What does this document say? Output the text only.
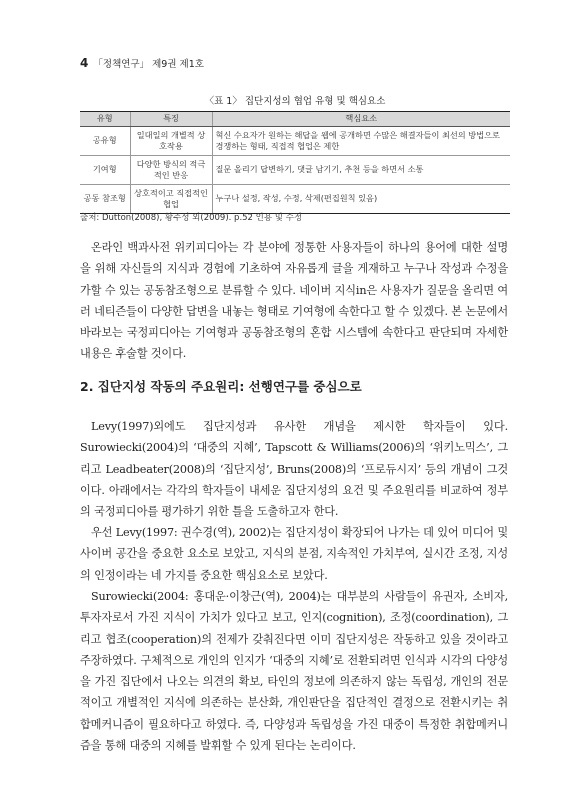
4 「정책연구」 제9권 제1호
〈표 1〉 집단지성의 협업 유형 및 핵심요소
유형	특징	핵심요소
공유형	일대일의 개별적 상호작용	혁신 수요자가 원하는 해답을 웹에 공개하면 수많은 해결자들이 최선의 방법으로 경쟁하는 형태, 직접적 협업은 제한
기여형	다양한 방식의 적극적인 반응	질문 올리기 답변하기, 댓글 남기기, 추천 등을 하면서 소통
공동 참조형	상호적이고 직접적인 협업	누구나 설정, 작성, 수정, 삭제(편집원칙 있음)
출처: Dutton(2008), 황주성 외(2009). p.52 인용 및 수정

온라인 백과사전 위키피디아는 각 분야에 정통한 사용자들이 하나의 용어에 대한 설명을 위해 자신들의 지식과 경험에 기초하여 자유롭게 글을 게재하고 누구나 작성과 수정을 가할 수 있는 공동참조형으로 분류할 수 있다. 네이버 지식in은 사용자가 질문을 올리면 여러 네티즌들이 다양한 답변을 내놓는 형태로 기여형에 속한다고 할 수 있겠다. 본 논문에서 바라보는 국정피디아는 기여형과 공동참조형의 혼합 시스템에 속한다고 판단되며 자세한 내용은 후술할 것이다.

2. 집단지성 작동의 주요원리: 선행연구를 중심으로

Levy(1997)외에도 집단지성과 유사한 개념을 제시한 학자들이 있다. Surowiecki(2004)의 ‘대중의 지혜’, Tapscott & Williams(2006)의 ‘위키노믹스’, 그리고 Leadbeater(2008)의 ‘집단지성’, Bruns(2008)의 ‘프로듀시지’ 등의 개념이 그것이다. 아래에서는 각각의 학자들이 내세운 집단지성의 요건 및 주요원리를 비교하여 정부의 국정피디아를 평가하기 위한 틀을 도출하고자 한다.

우선 Levy(1997: 권수경(역), 2002)는 집단지성이 확장되어 나가는 데 있어 미디어 및 사이버 공간을 중요한 요소로 보았고, 지식의 분점, 지속적인 가치부여, 실시간 조정, 지성의 인정이라는 네 가지를 중요한 핵심요소로 보았다.

Surowiecki(2004: 홍대운·이창근(역), 2004)는 대부분의 사람들이 유권자, 소비자, 투자자로서 가진 지식이 가치가 있다고 보고, 인지(cognition), 조정(coordination), 그리고 협조(cooperation)의 전제가 갖춰진다면 이미 집단지성은 작동하고 있을 것이라고 주장하였다. 구체적으로 개인의 인지가 ‘대중의 지혜’로 전환되려면 인식과 시각의 다양성을 가진 집단에서 나오는 의견의 확보, 타인의 정보에 의존하지 않는 독립성, 개인의 전문적이고 개별적인 지식에 의존하는 분산화, 개인판단을 집단적인 결정으로 전환시키는 취합메커니즘이 필요하다고 하였다. 즉, 다양성과 독립성을 가진 대중이 특정한 취합메커니즘을 통해 대중의 지혜를 발휘할 수 있게 된다는 논리이다.
